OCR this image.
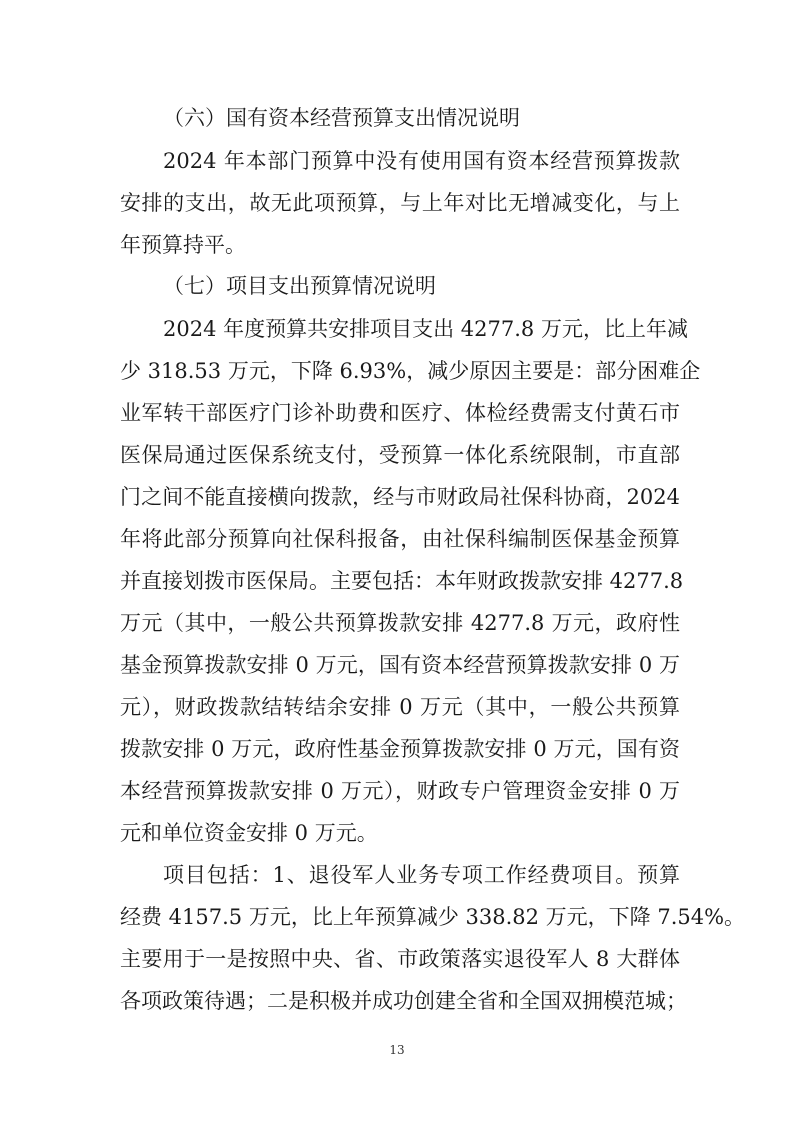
（六）国有资本经营预算支出情况说明
2024 年本部门预算中没有使用国有资本经营预算拨款
安排的支出，故无此项预算，与上年对比无增减变化，与上
年预算持平。
（七）项目支出预算情况说明
2024 年度预算共安排项目支出 4277.8 万元，比上年减
少 318.53 万元，下降 6.93%，减少原因主要是：部分困难企
业军转干部医疗门诊补助费和医疗、体检经费需支付黄石市
医保局通过医保系统支付，受预算一体化系统限制，市直部
门之间不能直接横向拨款，经与市财政局社保科协商，2024
年将此部分预算向社保科报备，由社保科编制医保基金预算
并直接划拨市医保局。主要包括：本年财政拨款安排 4277.8
万元（其中，一般公共预算拨款安排 4277.8 万元，政府性
基金预算拨款安排 0 万元，国有资本经营预算拨款安排 0 万
元），财政拨款结转结余安排 0 万元（其中，一般公共预算
拨款安排 0 万元，政府性基金预算拨款安排 0 万元，国有资
本经营预算拨款安排 0 万元），财政专户管理资金安排 0 万
元和单位资金安排 0 万元。
项目包括：1、退役军人业务专项工作经费项目。预算
经费 4157.5 万元，比上年预算减少 338.82 万元，下降 7.54%。
主要用于一是按照中央、省、市政策落实退役军人 8 大群体
各项政策待遇；二是积极并成功创建全省和全国双拥模范城；
13
